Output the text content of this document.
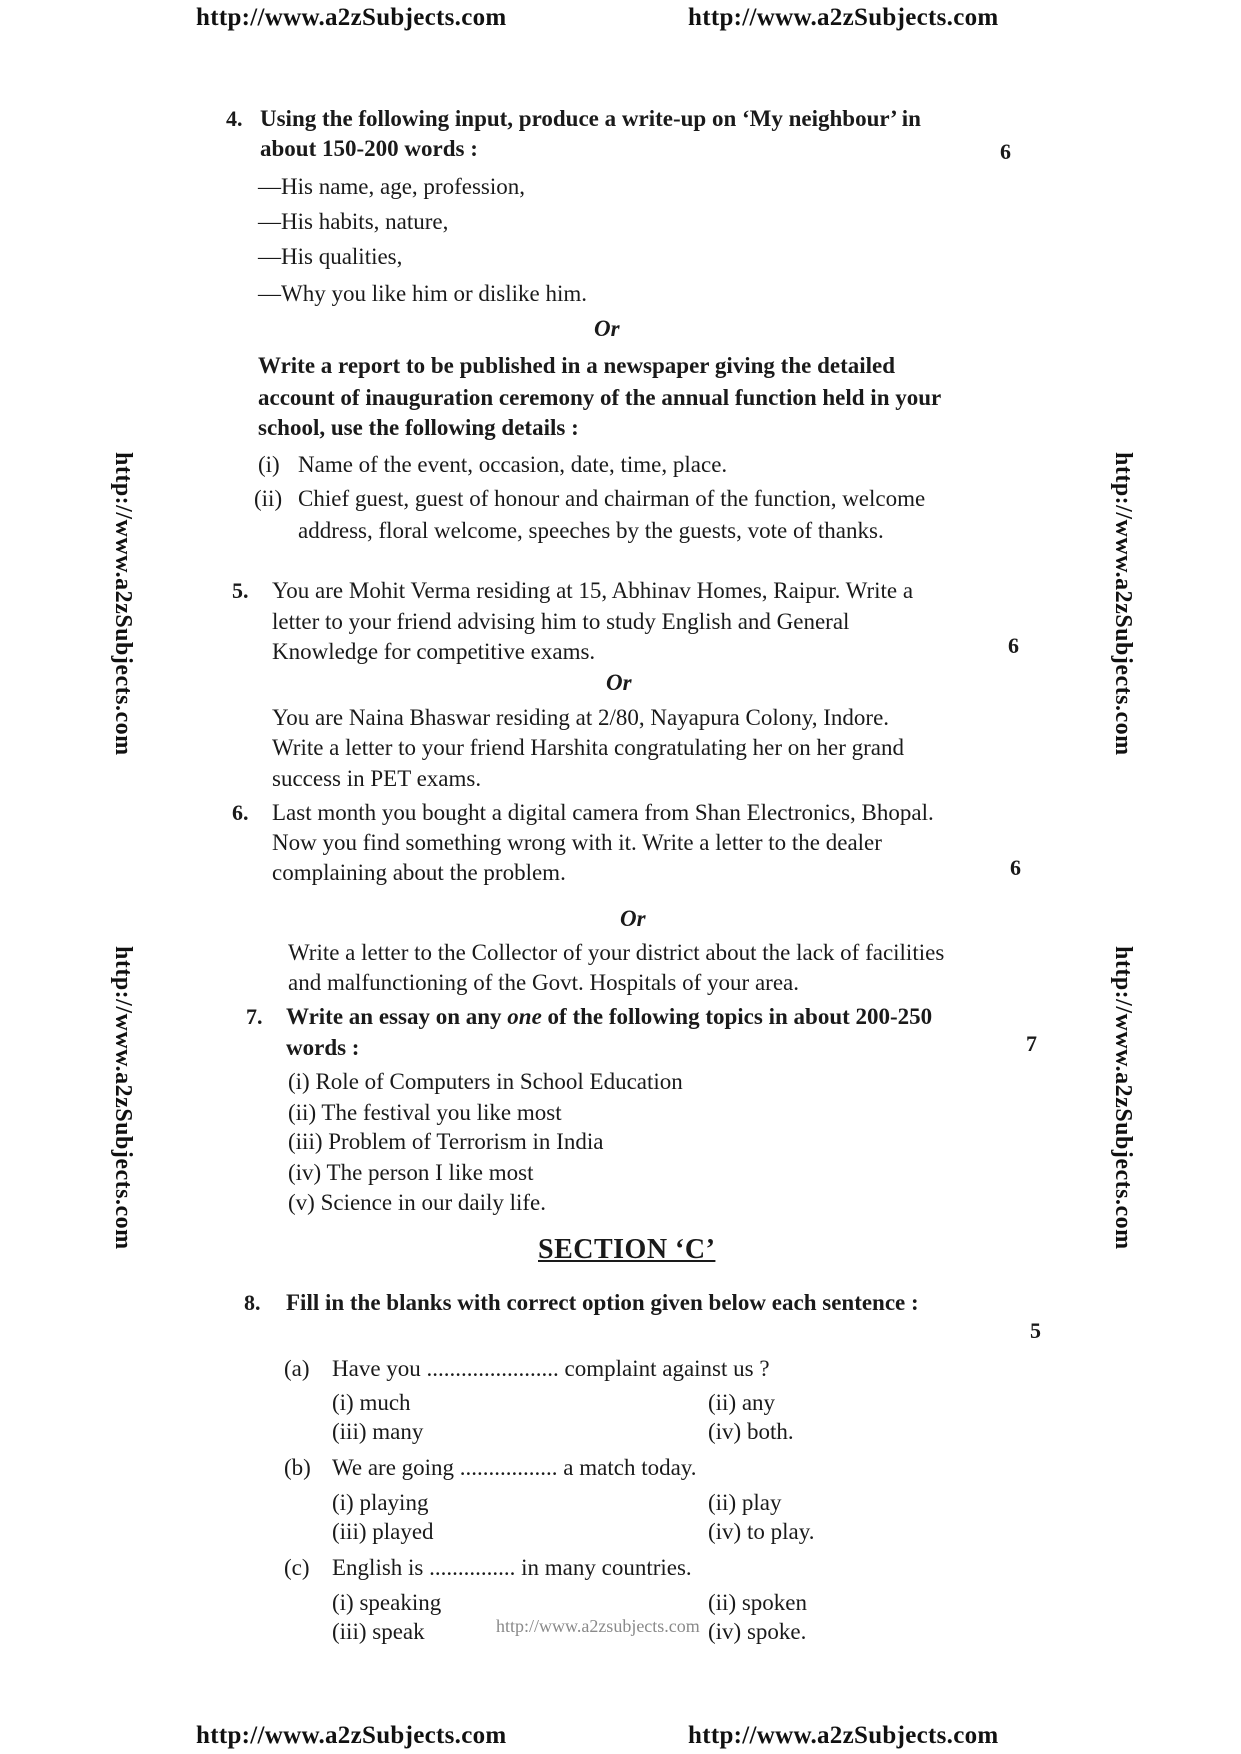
http://www.a2zSubjects.com	http://www.a2zSubjects.com
http://www.a2zSubjects.com	http://www.a2zSubjects.com
http://www.a2zSubjects.com
http://www.a2zSubjects.com
http://www.a2zSubjects.com
http://www.a2zSubjects.com
4. Using the following input, produce a write-up on ‘My neighbour’ in
about 150-200 words :	6
—His name, age, profession,
—His habits, nature,
—His qualities,
—Why you like him or dislike him.
Or
Write a report to be published in a newspaper giving the detailed
account of inauguration ceremony of the annual function held in your
school, use the following details :
(i) Name of the event, occasion, date, time, place.
(ii) Chief guest, guest of honour and chairman of the function, welcome
address, floral welcome, speeches by the guests, vote of thanks.
5. You are Mohit Verma residing at 15, Abhinav Homes, Raipur. Write a
letter to your friend advising him to study English and General
Knowledge for competitive exams.	6
Or
You are Naina Bhaswar residing at 2/80, Nayapura Colony, Indore.
Write a letter to your friend Harshita congratulating her on her grand
success in PET exams.
6. Last month you bought a digital camera from Shan Electronics, Bhopal.
Now you find something wrong with it. Write a letter to the dealer
complaining about the problem.	6
Or
Write a letter to the Collector of your district about the lack of facilities
and malfunctioning of the Govt. Hospitals of your area.
7. Write an essay on any one of the following topics in about 200-250
words :	7
(i) Role of Computers in School Education
(ii) The festival you like most
(iii) Problem of Terrorism in India
(iv) The person I like most
(v) Science in our daily life.
SECTION ‘C’
8. Fill in the blanks with correct option given below each sentence :
5
(a) Have you ....................... complaint against us ?
(i) much	(ii) any
(iii) many	(iv) both.
(b) We are going ................. a match today.
(i) playing	(ii) play
(iii) played	(iv) to play.
(c) English is ............... in many countries.
(i) speaking	(ii) spoken
(iii) speak	(iv) spoke.
http://www.a2zsubjects.com
